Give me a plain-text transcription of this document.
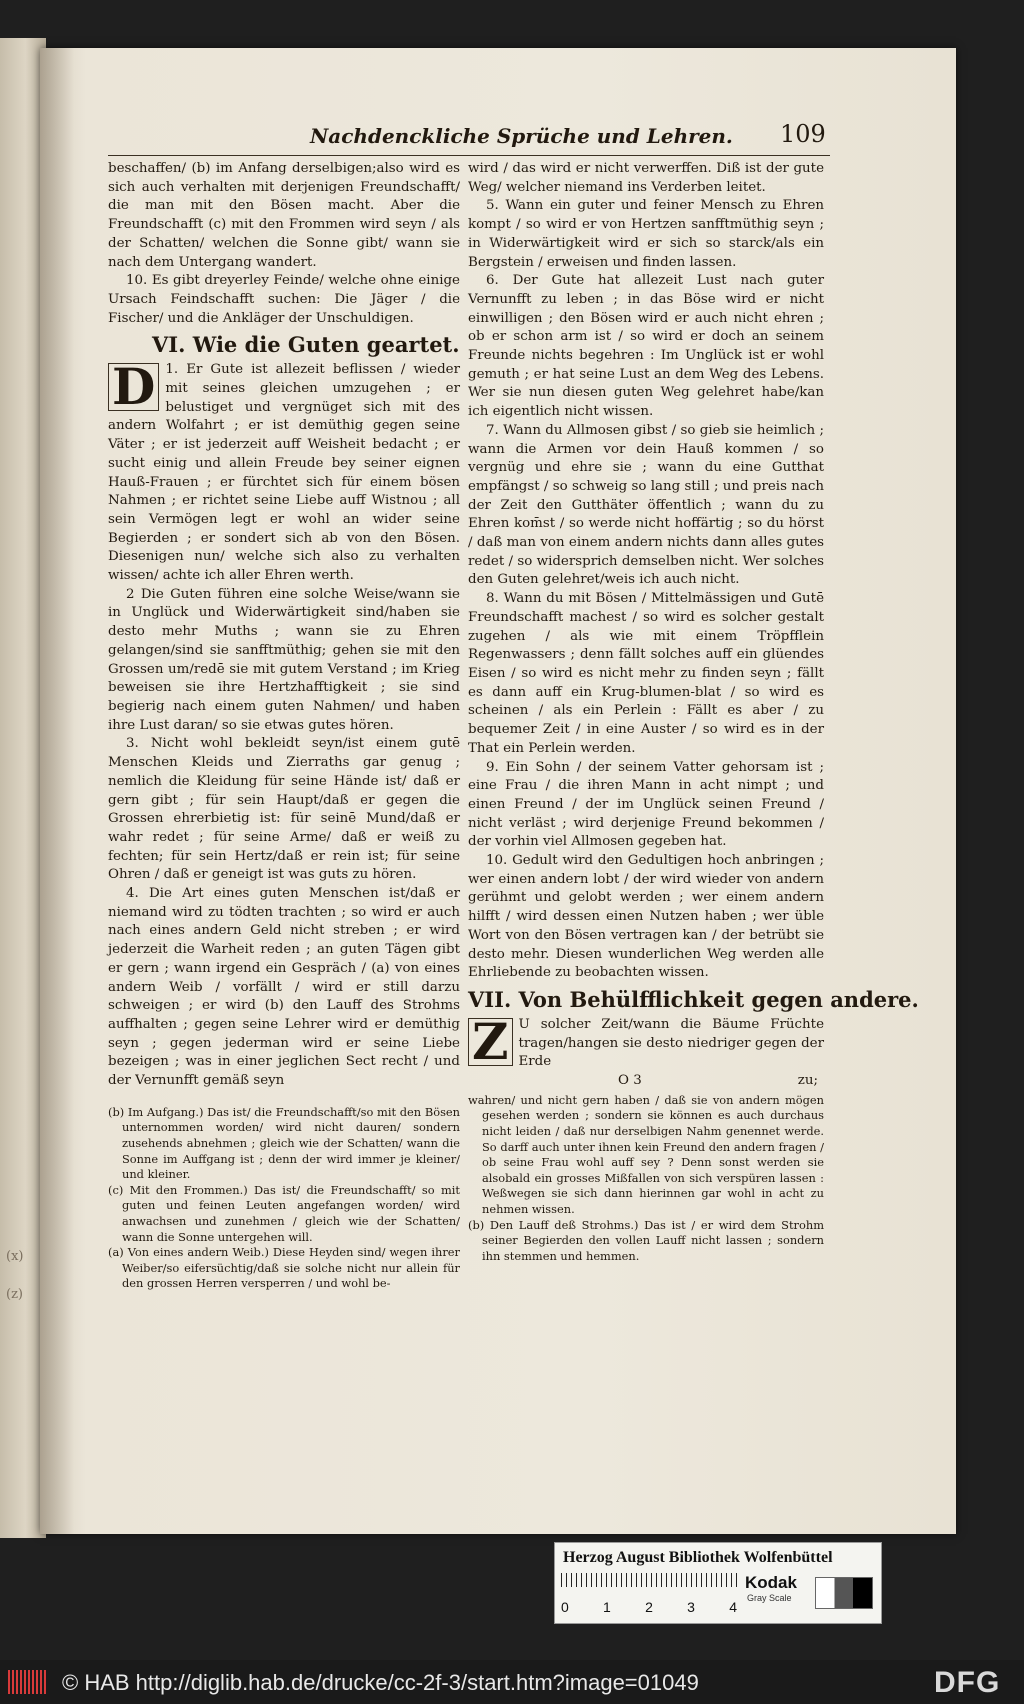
(x)
(z)
Nachdenckliche Sprüche und Lehren. 109

beschaffen/ (b) im Anfang derselbigen;also wird es sich auch verhalten mit derjenigen Freundschafft/ die man mit den Bösen macht. Aber die Freundschafft (c) mit den Frommen wird seyn / als der Schatten/ welchen die Sonne gibt/ wann sie nach dem Untergang wandert.

10. Es gibt dreyerley Feinde/ welche ohne einige Ursach Feindschafft suchen: Die Jäger / die Fischer/ und die Ankläger der Unschuldigen.

VI. Wie die Guten geartet.

1.
D Er Gute ist allezeit beflissen / wieder mit seines gleichen umzugehen ; er belustiget und vergnüget sich mit des andern Wolfahrt ; er ist demüthig gegen seine Väter ; er ist jederzeit auff Weisheit bedacht ; er sucht einig und allein Freude bey seiner eignen Hauß-Frauen ; er fürchtet sich für einem bösen Nahmen ; er richtet seine Liebe auff Wistnou ; all sein Vermögen legt er wohl an wider seine Begierden ; er sondert sich ab von den Bösen. Diesenigen nun/ welche sich also zu verhalten wissen/ achte ich aller Ehren werth.

2 Die Guten führen eine solche Weise/wann sie in Unglück und Widerwärtigkeit sind/haben sie desto mehr Muths ; wann sie zu Ehren gelangen/sind sie sanfftmüthig; gehen sie mit den Grossen um/redē sie mit gutem Verstand ; im Krieg beweisen sie ihre Hertzhafftigkeit ; sie sind begierig nach einem guten Nahmen/ und haben ihre Lust daran/ so sie etwas gutes hören.

3. Nicht wohl bekleidt seyn/ist einem gutē Menschen Kleids und Zierraths gar genug ; nemlich die Kleidung für seine Hände ist/ daß er gern gibt ; für sein Haupt/daß er gegen die Grossen ehrerbietig ist: für seinē Mund/daß er wahr redet ; für seine Arme/ daß er weiß zu fechten; für sein Hertz/daß er rein ist; für seine Ohren / daß er geneigt ist was guts zu hören.

4. Die Art eines guten Menschen ist/daß er niemand wird zu tödten trachten ; so wird er auch nach eines andern Geld nicht streben ; er wird jederzeit die Warheit reden ; an guten Tägen gibt er gern ; wann irgend ein Gespräch / (a) von eines andern Weib / vorfällt / wird er still darzu schweigen ; er wird (b) den Lauff des Strohms auffhalten ; gegen seine Lehrer wird er demüthig seyn ; gegen jederman wird er seine Liebe bezeigen ; was in einer jeglichen Sect recht / und der Vernunfft gemäß seyn

(b) Im Aufgang.) Das ist/ die Freundschafft/so mit den Bösen unternommen worden/ wird nicht dauren/ sondern zusehends abnehmen ; gleich wie der Schatten/ wann die Sonne im Auffgang ist ; denn der wird immer je kleiner/ und kleiner.

(c) Mit den Frommen.) Das ist/ die Freundschafft/ so mit guten und feinen Leuten angefangen worden/ wird anwachsen und zunehmen / gleich wie der Schatten/ wann die Sonne untergehen will.

(a) Von eines andern Weib.) Diese Heyden sind/ wegen ihrer Weiber/so eifersüchtig/daß sie solche nicht nur allein für den grossen Herren versperren / und wohl be-

wird / das wird er nicht verwerffen. Diß ist der gute Weg/ welcher niemand ins Verderben leitet.

5. Wann ein guter und feiner Mensch zu Ehren kompt / so wird er von Hertzen sanfftmüthig seyn ; in Widerwärtigkeit wird er sich so starck/als ein Bergstein / erweisen und finden lassen.

6. Der Gute hat allezeit Lust nach guter Vernunfft zu leben ; in das Böse wird er nicht einwilligen ; den Bösen wird er auch nicht ehren ; ob er schon arm ist / so wird er doch an seinem Freunde nichts begehren : Im Unglück ist er wohl gemuth ; er hat seine Lust an dem Weg des Lebens. Wer sie nun diesen guten Weg gelehret habe/kan ich eigentlich nicht wissen.

7. Wann du Allmosen gibst / so gieb sie heimlich ; wann die Armen vor dein Hauß kommen / so vergnüg und ehre sie ; wann du eine Gutthat empfängst / so schweig so lang still ; und preis nach der Zeit den Gutthäter öffentlich ; wann du zu Ehren kom̄st / so werde nicht hoffärtig ; so du hörst / daß man von einem andern nichts dann alles gutes redet / so widersprich demselben nicht. Wer solches den Guten gelehret/weis ich auch nicht.

8. Wann du mit Bösen / Mittelmässigen und Gutē Freundschafft machest / so wird es solcher gestalt zugehen / als wie mit einem Tröpfflein Regenwassers ; denn fällt solches auff ein glüendes Eisen / so wird es nicht mehr zu finden seyn ; fällt es dann auff ein Krug-blumen-blat / so wird es scheinen / als ein Perlein : Fällt es aber / zu bequemer Zeit / in eine Auster / so wird es in der That ein Perlein werden.

9. Ein Sohn / der seinem Vatter gehorsam ist ; eine Frau / die ihren Mann in acht nimpt ; und einen Freund / der im Unglück seinen Freund / nicht verläst ; wird derjenige Freund bekommen / der vorhin viel Allmosen gegeben hat.

10. Gedult wird den Gedultigen hoch anbringen ; wer einen andern lobt / der wird wieder von andern gerühmt und gelobt werden ; wer einem andern hilfft / wird dessen einen Nutzen haben ; wer üble Wort von den Bösen vertragen kan / der betrübt sie desto mehr. Diesen wunderlichen Weg werden alle Ehrliebende zu beobachten wissen.

VII. Von Behülfflichkeit gegen andere.

Z U solcher Zeit/wann die Bäume Früchte tragen/hangen sie desto niedriger gegen der Erde

O 3	zu;

wahren/ und nicht gern haben / daß sie von andern mögen gesehen werden ; sondern sie können es auch durchaus nicht leiden / daß nur derselbigen Nahm genennet werde. So darff auch unter ihnen kein Freund den andern fragen / ob seine Frau wohl auff sey ? Denn sonst werden sie alsobald ein grosses Mißfallen von sich verspüren lassen : Weßwegen sie sich dann hierinnen gar wohl in acht zu nehmen wissen.

(b) Den Lauff deß Strohms.) Das ist / er wird dem Strohm seiner Begierden den vollen Lauff nicht lassen ; sondern ihn stemmen und hemmen.

Herzog August Bibliothek Wolfenbüttel
0 1 2 3 4
Kodak
Gray Scale
© HAB http://diglib.hab.de/drucke/cc-2f-3/start.htm?image=01049	DFG
